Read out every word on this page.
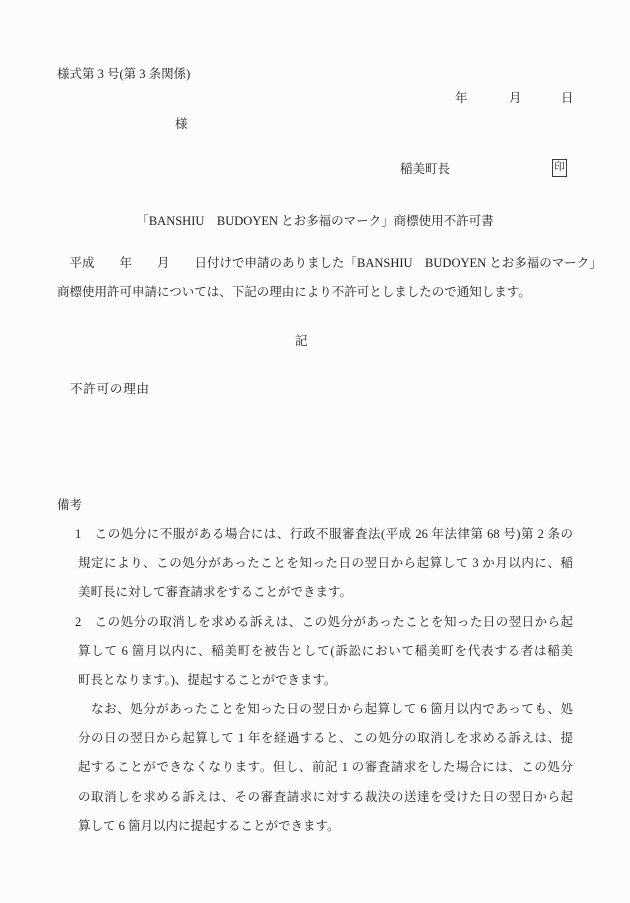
様式第 3 号(第 3 条関係)
年	月	日
様
稲美町長	印
「BANSHIU　BUDOYEN とお多福のマーク」商標使用不許可書
　平成　　年　　月　　日付けで申請のありました「BANSHIU　BUDOYEN とお多福のマーク」
商標使用許可申請については、下記の理由により不許可としましたので通知します。
記
不許可の理由
備考
1　この処分に不服がある場合には、行政不服審査法(平成 26 年法律第 68 号)第 2 条の
規定により、この処分があったことを知った日の翌日から起算して 3 か月以内に、稲
美町長に対して審査請求をすることができます。
2　この処分の取消しを求める訴えは、この処分があったことを知った日の翌日から起
算して 6 箇月以内に、稲美町を被告として(訴訟において稲美町を代表する者は稲美
町長となります。)、提起することができます。
　なお、処分があったことを知った日の翌日から起算して 6 箇月以内であっても、処
分の日の翌日から起算して 1 年を経過すると、この処分の取消しを求める訴えは、提
起することができなくなります。但し、前記 1 の審査請求をした場合には、この処分
の取消しを求める訴えは、その審査請求に対する裁決の送達を受けた日の翌日から起
算して 6 箇月以内に提起することができます。
